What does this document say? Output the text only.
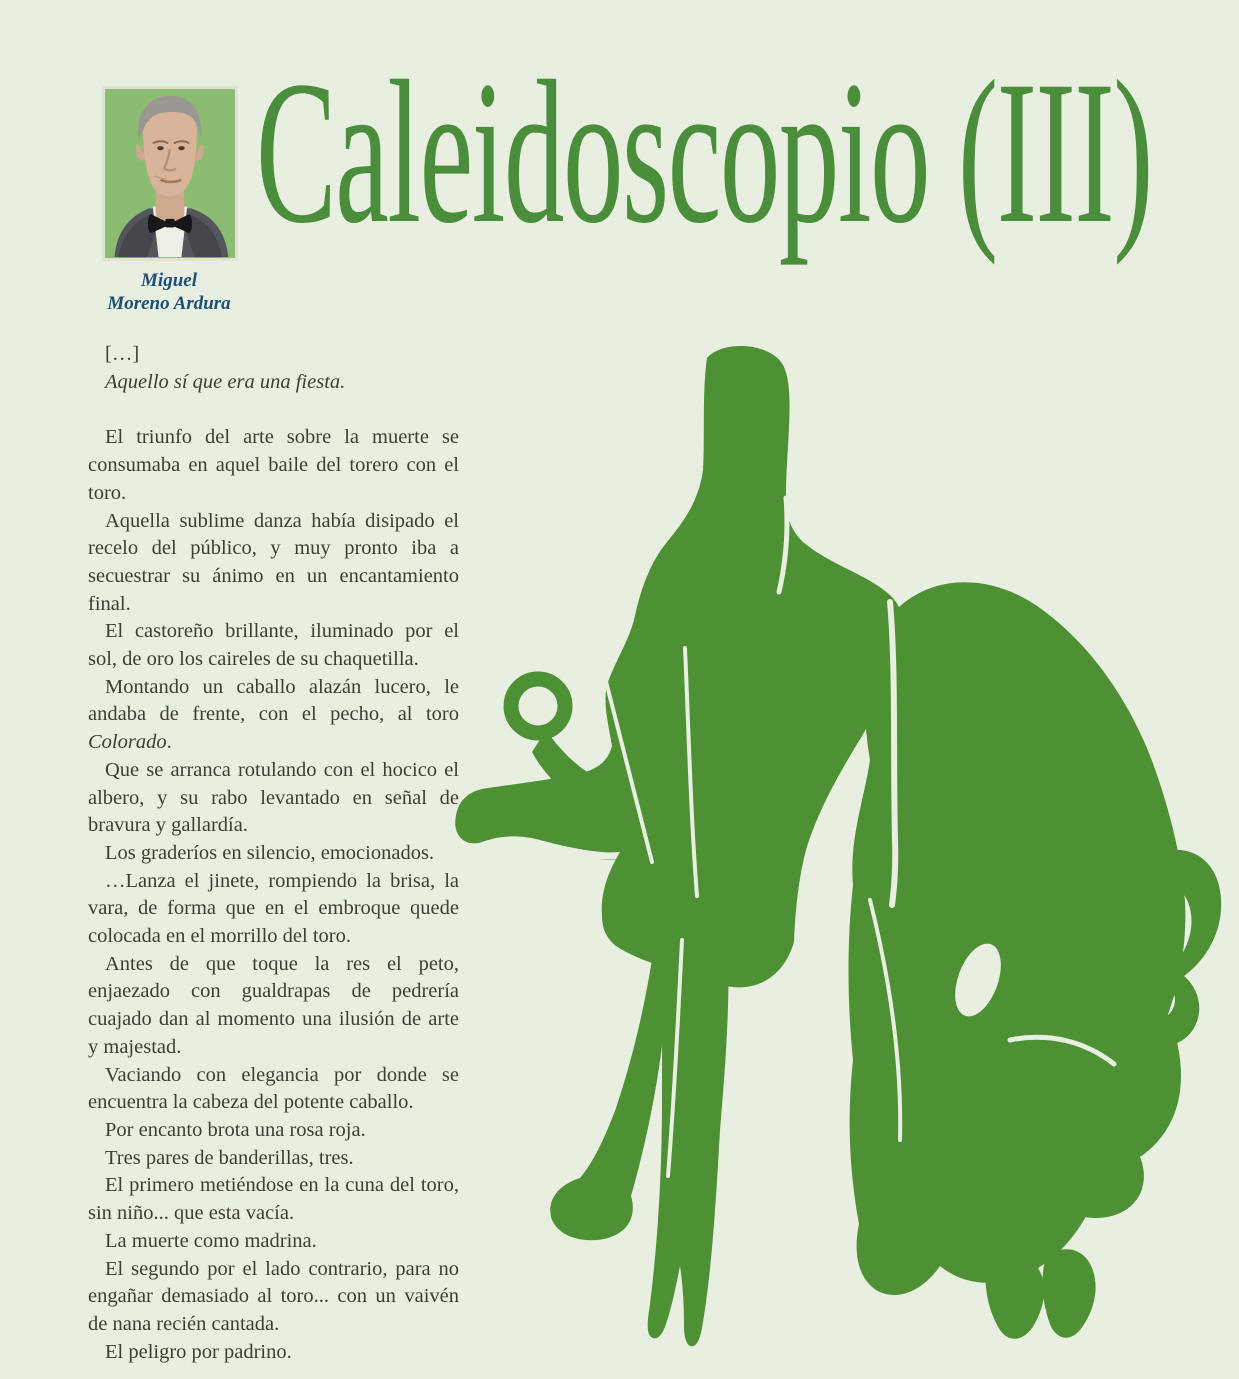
Miguel
Moreno Ardura
Caleidoscopio (III)

[…]
Aquello sí que era una fiesta.

El triunfo del arte sobre la muerte se consumaba en aquel baile del torero con el toro.

Aquella sublime danza había disipado el recelo del público, y muy pronto iba a secuestrar su ánimo en un encantamiento final.

El castoreño brillante, iluminado por el sol, de oro los caireles de su chaquetilla.

Montando un caballo alazán lucero, le andaba de frente, con el pecho, al toro Colorado.

Que se arranca rotulando con el hocico el albero, y su rabo levantado en señal de bravura y gallardía.

Los graderíos en silencio, emocionados.

…Lanza el jinete, rompiendo la brisa, la vara, de forma que en el embroque quede colocada en el morrillo del toro.

Antes de que toque la res el peto, enjaezado con gualdrapas de pedrería cuajado dan al momento una ilusión de arte y majestad.

Vaciando con elegancia por donde se encuentra la cabeza del potente caballo.

Por encanto brota una rosa roja.

Tres pares de banderillas, tres.

El primero metiéndose en la cuna del toro, sin niño... que esta vacía.

La muerte como madrina.

El segundo por el lado contrario, para no engañar demasiado al toro... con un vaivén de nana recién cantada.

El peligro por padrino.
